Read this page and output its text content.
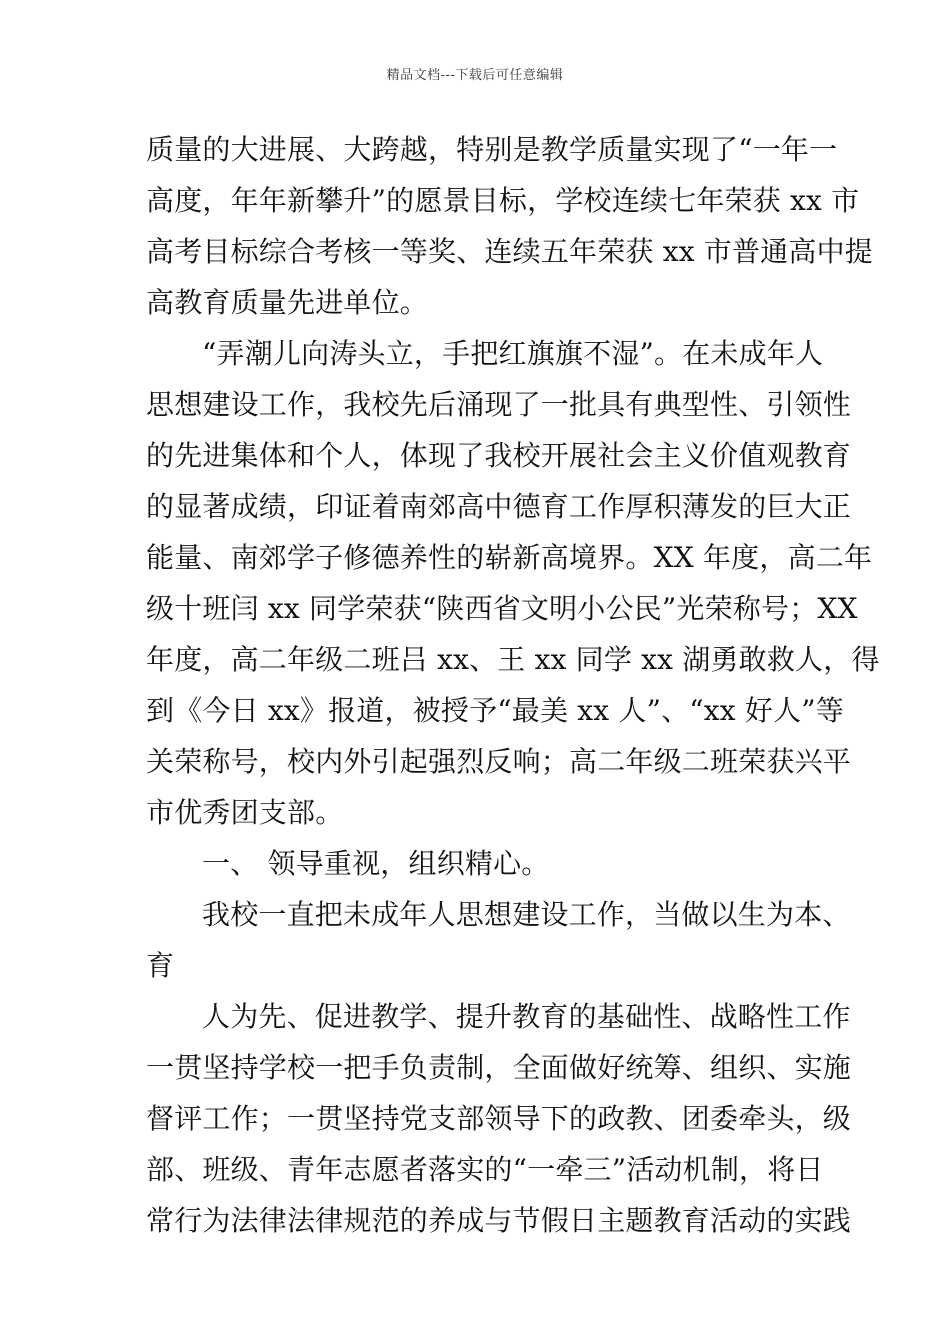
精品文档---下载后可任意编辑
质量的大进展、大跨越，特别是教学质量实现了“一年一
高度，年年新攀升”的愿景目标，学校连续七年荣获 xx 市
高考目标综合考核一等奖、连续五年荣获 xx 市普通高中提
高教育质量先进单位。
“弄潮儿向涛头立，手把红旗旗不湿”。在未成年人
思想建设工作，我校先后涌现了一批具有典型性、引领性
的先进集体和个人，体现了我校开展社会主义价值观教育
的显著成绩，印证着南郊高中德育工作厚积薄发的巨大正
能量、南郊学子修德养性的崭新高境界。XX 年度，高二年
级十班闫 xx 同学荣获“陕西省文明小公民”光荣称号；XX
年度，高二年级二班吕 xx、王 xx 同学 xx 湖勇敢救人，得
到《今日 xx》报道，被授予“最美 xx 人”、“xx 好人”等
关荣称号，校内外引起强烈反响；高二年级二班荣获兴平
市优秀团支部。
一、 领导重视，组织精心。
我校一直把未成年人思想建设工作，当做以生为本、
育
人为先、促进教学、提升教育的基础性、战略性工作
一贯坚持学校一把手负责制，全面做好统筹、组织、实施
督评工作；一贯坚持党支部领导下的政教、团委牵头，级
部、班级、青年志愿者落实的“一牵三”活动机制，将日
常行为法律法律规范的养成与节假日主题教育活动的实践
